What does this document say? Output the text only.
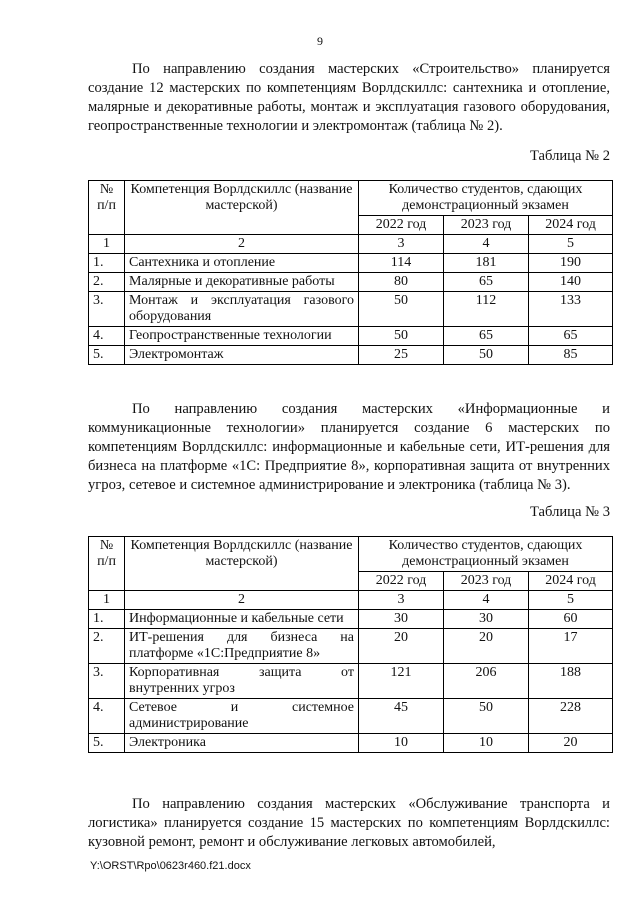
9

По направлению создания мастерских «Строительство» планируется создание 12 мастерских по компетенциям Ворлдскиллс: сантехника и отопление, малярные и декоративные работы, монтаж и эксплуатация газового оборудования, геопространственные технологии и электромонтаж (таблица № 2).

Таблица № 2
№ п/п	Компетенция Ворлдскиллс (название мастерской)	Количество студентов, сдающих демонстрационный экзамен		
		2022 год	2023 год	2024 год
1	2	3	4	5
1.	Сантехника и отопление	114	181	190
2.	Малярные и декоративные работы	80	65	140
3.	Монтаж и эксплуатация газового оборудования	50	112	133
4.	Геопространственные технологии	50	65	65
5.	Электромонтаж	25	50	85

По направлению создания мастерских «Информационные и коммуникационные технологии» планируется создание 6 мастерских по компетенциям Ворлдскиллс: информационные и кабельные сети, ИТ-решения для бизнеса на платформе «1С: Предприятие 8», корпоративная защита от внутренних угроз, сетевое и системное администрирование и электроника (таблица № 3).

Таблица № 3
№ п/п	Компетенция Ворлдскиллс (название мастерской)	Количество студентов, сдающих демонстрационный экзамен		
		2022 год	2023 год	2024 год
1	2	3	4	5
1.	Информационные и кабельные сети	30	30	60
2.	ИТ-решения для бизнеса на платформе «1С:Предприятие 8»	20	20	17
3.	Корпоративная защита от внутренних угроз	121	206	188
4.	Сетевое и системное администрирование	45	50	228
5.	Электроника	10	10	20

По направлению создания мастерских «Обслуживание транспорта и логистика» планируется создание 15 мастерских по компетенциям Ворлдскиллс: кузовной ремонт, ремонт и обслуживание легковых автомобилей,

Y:\ORST\Rpo\0623r460.f21.docx
